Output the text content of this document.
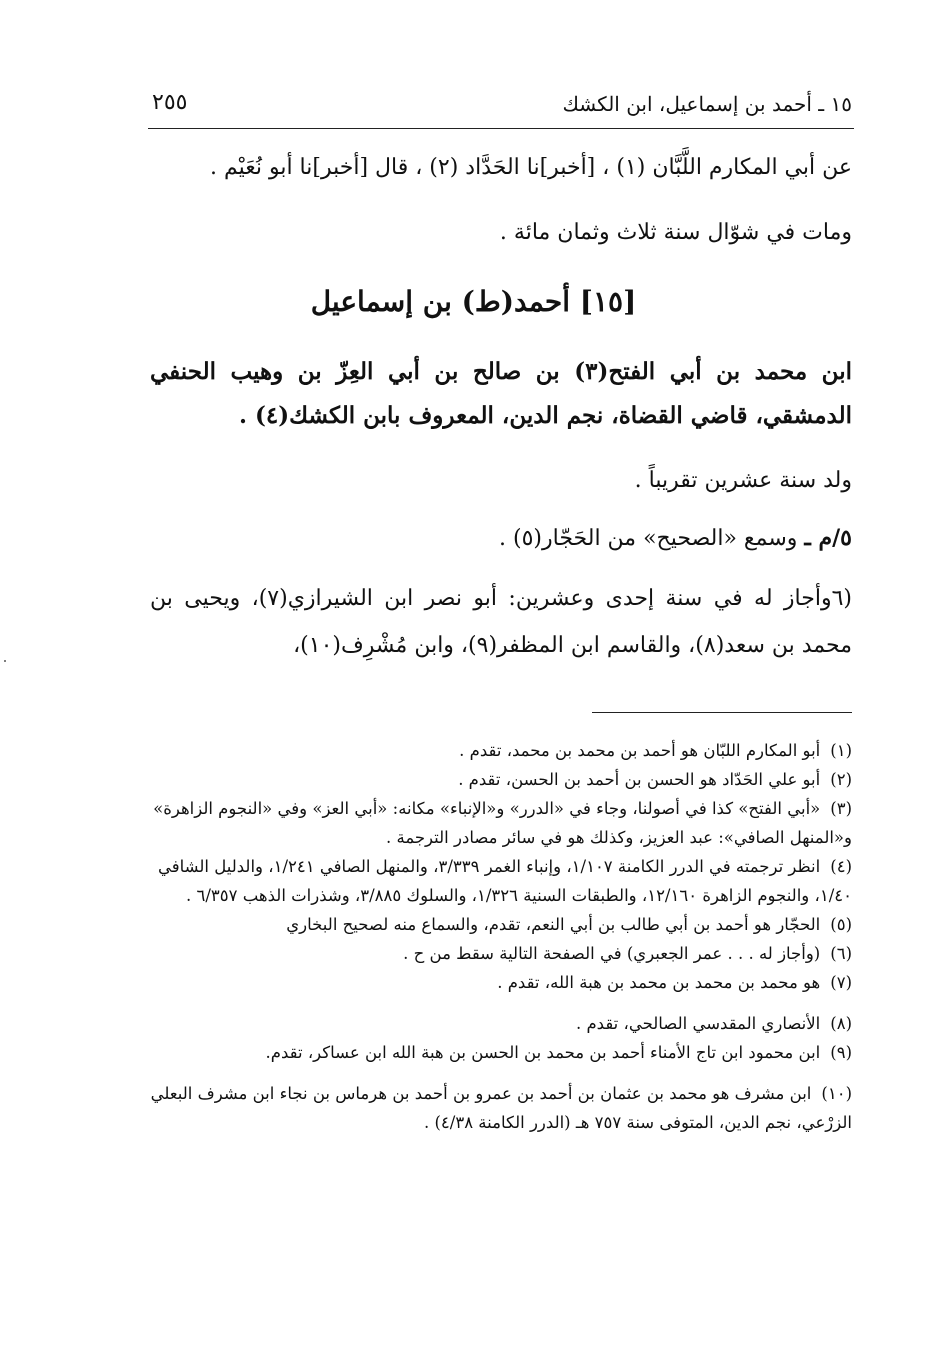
٢٥٥	١٥ ـ أحمد بن إسماعيل، ابن الكشك
عن أبي المكارم اللَّبَّان (١) ، [أخبر]نا الحَدَّاد (٢) ، قال [أخبر]نا أبو نُعَيْم .
ومات في شوّال سنة ثلاث وثمان مائة .
[١٥] أحمد(ط) بن إسماعيل
ابن محمد بن أبي الفتح(٣) بن صالح بن أبي العِزّ بن وهيب الحنفي الدمشقي، قاضي القضاة، نجم الدين، المعروف بابن الكشك(٤) .
ولد سنة عشرين تقريباً .
٥/م ـ وسمع «الصحيح» من الحَجّار(٥) .
(٦وأجاز له في سنة إحدى وعشرين: أبو نصر ابن الشيرازي(٧)، ويحيى بن محمد بن سعد(٨)، والقاسم ابن المظفر(٩)، وابن مُشْرِف(١٠)،

(١)أبو المكارم اللبّان هو أحمد بن محمد بن محمد، تقدم .

(٢)أبو علي الحَدّاد هو الحسن بن أحمد بن الحسن، تقدم .

(٣)«أبي الفتح» كذا في أصولنا، وجاء في «الدرر» و«الإنباء» مكانه: «أبي العز» وفي «النجوم الزاهرة» و«المنهل الصافي»: عبد العزيز، وكذلك هو في سائر مصادر الترجمة .

(٤)انظر ترجمته في الدرر الكامنة ١/١٠٧، وإنباء الغمر ٣/٣٣٩، والمنهل الصافي ١/٢٤١، والدليل الشافي ١/٤٠، والنجوم الزاهرة ١٢/١٦٠، والطبقات السنية ١/٣٢٦، والسلوك ٣/٨٨٥، وشذرات الذهب ٦/٣٥٧ .

(٥)الحجّار هو أحمد بن أبي طالب بن أبي النعم، تقدم، والسماع منه لصحيح البخاري

(٦)(وأجاز له . . . عمر الجعبري) في الصفحة التالية سقط من ح .

(٧)هو محمد بن محمد بن محمد بن هبة الله، تقدم .

(٨)الأنصاري المقدسي الصالحي، تقدم .

(٩)ابن محمود ابن تاج الأمناء أحمد بن محمد بن الحسن بن هبة الله ابن عساكر، تقدم.

(١٠)ابن مشرف هو محمد بن عثمان بن أحمد بن عمرو بن أحمد بن هرماس بن نجاء ابن مشرف البعلي الزرْعي، نجم الدين، المتوفى سنة ٧٥٧ هـ (الدرر الكامنة ٤/٣٨) .
